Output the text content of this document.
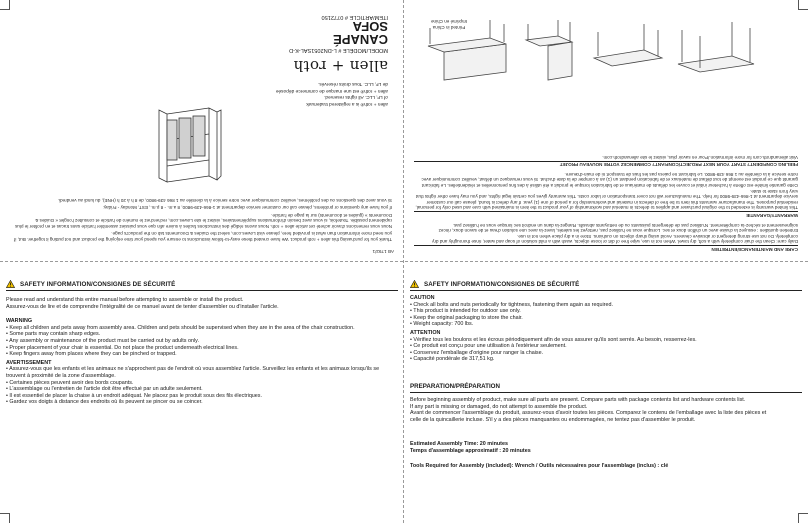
AB 1792/1
Thank you for purchasing this allen + roth product. We have created these easy-to-follow instructions to ensure you spend your time enjoying the product and not putting it together. But, if you need more information than what is provided here, please visit Lowes.com, select the Guides & Documents tab on the product's page.
Nous vous remercions d'avoir acheté cet article allen + roth. Nous avons rédigé des instructions faciles à suivre afin que vous puissiez assembler l'article sans tracas et en profiter le plus rapidement possible. Toutefois, si vous avez besoin d'informations supplémentaires, visitez le site Lowes.com, recherchez le numéro de l'article et consultez l'onglet « Guides & Documents » (guides et documents) sur la page de l'article.
If you have any questions or problems, please call our customer service department at 1-866-439-9800, 8 a.m. - 8 p.m., EST, Monday - Friday.
Si vous avez des questions ou des problèmes, veuillez communiquer avec notre service à la clientèle au 1 866 439-9800, de 8 h à 20 h (HNE), du lundi au vendredi.
allen + roth® is a registered trademark
of LF, LLC. All rights reserved.
allen + roth® est une marque de commerce déposée
de LF, LLC. Tous droits réservés.
allen + roth
MODEL/MODÈLE # L-DN2051SAL-K-D
CANAPÉ
SOFA
ITEM/ARTICLE # 0772150
CARE AND MAINTENANCE/ENTRETIEN
Daily care: Clean the chair completely with a soft, dry towel. When not in use, wipe free of dirt or loose objects, wash with a mild solution of soap and water, rinse thoroughly and dry completely. Do not use strong detergent or abrasive cleaners. Avoid using sharp objects on cushions. Store in a dry place when not in use.
Entretien quotidien : essuyez la chaise avec un chiffon doux et sec. Lorsque vous ne l'utilisez pas, nettoyez les saletés, lavez-la avec une solution d'eau et de savon doux, rincez soigneusement et séchez-la complètement. N'utilisez pas de détergents puissants ou de nettoyants abrasifs. Rangez-la dans un endroit sec lorsque vous ne l'utilisez pas.
WARRANTY/GARANTIE
This limited warranty is extended to the original purchaser and applies to defects in material and workmanship of your product to the item is maintained with care and used only for personal, residential purposes. The manufacturer warrants this item to be free of defects in material and workmanship for a period of one (1) year. If any defect is found, please call our customer service department at 1-866-439-9800 for help. The manufacturer will not cover transportation or labor costs. This warranty gives you certain legal rights, and you may have other rights that vary from state to state.
Cette garantie limitée est offerte à l'acheteur initial et couvre les défauts de matériaux et de fabrication lorsque le produit a été utilisé à des fins personnelles et résidentielles. Le fabricant garantit que ce produit est exempt de tout défaut de matériaux et de fabrication pendant un (1) an à compter de la date d'achat. Si vous remarquez un défaut, veuillez communiquer avec notre service à la clientèle au 1 866 439-9800. Le fabricant ne paiera pas les frais de transport ni de main-d'œuvre.
FEELING CONFIDENT? START YOUR NEXT PROJECT/CONFIANT? COMMENCEZ VOTRE NOUVEAU PROJET
Visit allenandroth.com for more information./Pour en savoir plus, visitez le site allenandroth.com.
Printed in China
Imprimé en Chine
SAFETY INFORMATION/CONSIGNES DE SÉCURITÉ
Please read and understand this entire manual before attempting to assemble or install the product.
Assurez-vous de lire et de comprendre l'intégralité de ce manuel avant de tenter d'assembler ou d'installer l'article.
WARNING
• Keep all children and pets away from assembly area. Children and pets should be supervised when they are in the area of the chair construction.
• Some parts may contain sharp edges.
• Any assembly or maintenance of the product must be carried out by adults only.
• Proper placement of your chair is essential. Do not place the product underneath electrical lines.
• Keep fingers away from places where they can be pinched or trapped.
AVERTISSEMENT
• Assurez-vous que les enfants et les animaux ne s'approchent pas de l'endroit où vous assemblez l'article. Surveillez les enfants et les animaux lorsqu'ils se trouvent à proximité de la zone d'assemblage.
• Certaines pièces peuvent avoir des bords coupants.
• L'assemblage ou l'entretien de l'article doit être effectué par un adulte seulement.
• Il est essentiel de placer la chaise à un endroit adéquat. Ne placez pas le produit sous des fils électriques.
• Gardez vos doigts à distance des endroits où ils peuvent se pincer ou se coincer.
SAFETY INFORMATION/CONSIGNES DE SÉCURITÉ
CAUTION
• Check all bolts and nuts periodically for tightness, fastening them again as required.
• This product is intended for outdoor use only.
• Keep the original packaging to store the chair.
• Weight capacity: 700 lbs.
ATTENTION
• Vérifiez tous les boulons et les écrous périodiquement afin de vous assurer qu'ils sont serrés. Au besoin, resserrez-les.
• Ce produit est conçu pour une utilisation à l'extérieur seulement.
• Conservez l'emballage d'origine pour ranger la chaise.
• Capacité pondérale de 317,51 kg.
PREPARATION/PRÉPARATION
Before beginning assembly of product, make sure all parts are present. Compare parts with package contents list and hardware contents list.
If any part is missing or damaged, do not attempt to assemble the product.
Avant de commencer l'assemblage du produit, assurez-vous d'avoir toutes les pièces. Comparez le contenu de l'emballage avec la liste des pièces et
celle de la quincaillerie incluse. S'il y a des pièces manquantes ou endommagées, ne tentez pas d'assembler le produit.
Estimated Assembly Time: 20 minutes
Temps d'assemblage approximatif : 20 minutes
Tools Required for Assembly (included): Wrench / Outils nécessaires pour l'assemblage (inclus) : clé
